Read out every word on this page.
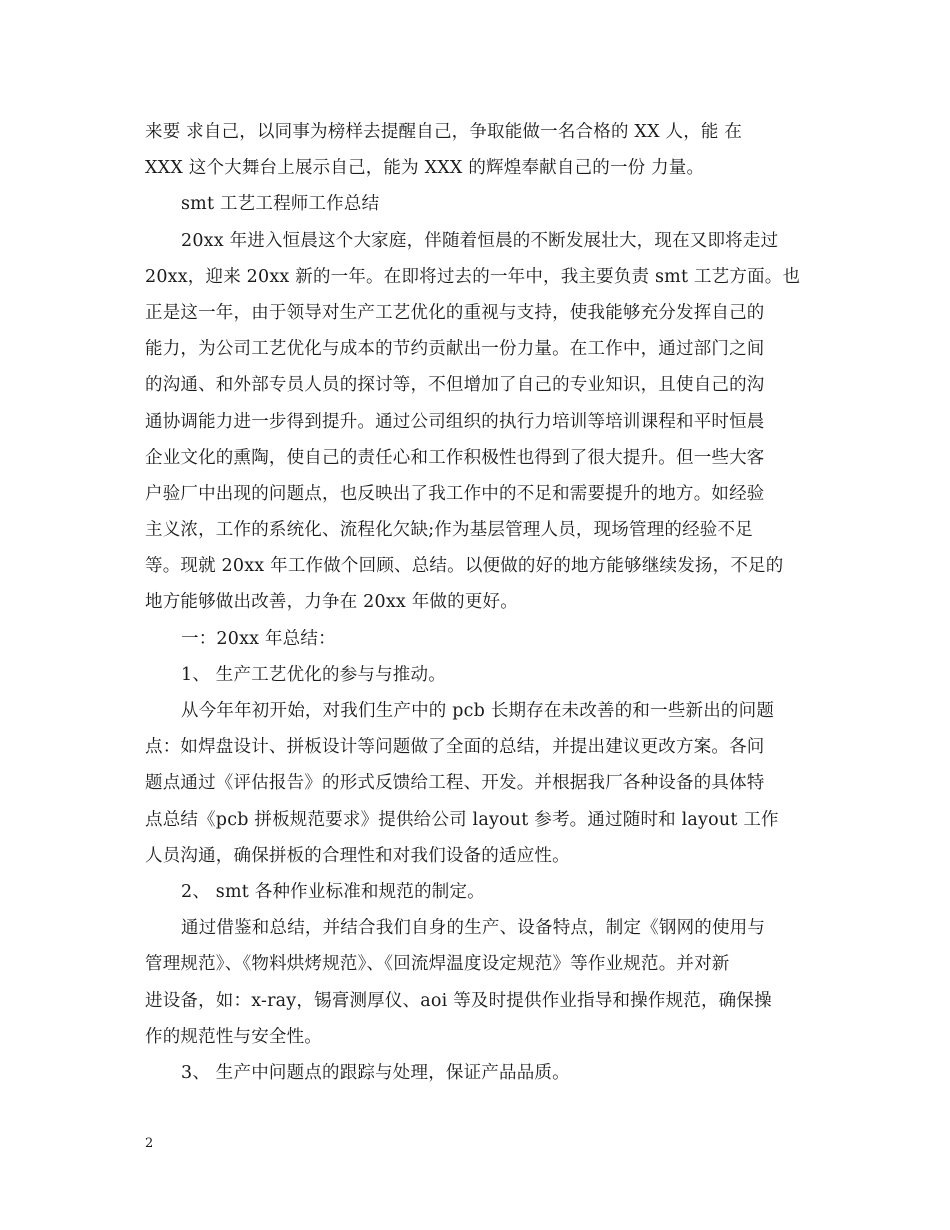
来要 求自己，以同事为榜样去提醒自己，争取能做一名合格的 XX 人，能 在
XXX 这个大舞台上展示自己，能为 XXX 的辉煌奉献自己的一份 力量。
smt 工艺工程师工作总结
20xx 年进入恒晨这个大家庭，伴随着恒晨的不断发展壮大，现在又即将走过
20xx，迎来 20xx 新的一年。在即将过去的一年中，我主要负责 smt 工艺方面。也
正是这一年，由于领导对生产工艺优化的重视与支持，使我能够充分发挥自己的
能力，为公司工艺优化与成本的节约贡献出一份力量。在工作中，通过部门之间
的沟通、和外部专员人员的探讨等，不但增加了自己的专业知识，且使自己的沟
通协调能力进一步得到提升。通过公司组织的执行力培训等培训课程和平时恒晨
企业文化的熏陶，使自己的责任心和工作积极性也得到了很大提升。但一些大客
户验厂中出现的问题点，也反映出了我工作中的不足和需要提升的地方。如经验
主义浓，工作的系统化、流程化欠缺;作为基层管理人员，现场管理的经验不足
等。现就 20xx 年工作做个回顾、总结。以便做的好的地方能够继续发扬，不足的
地方能够做出改善，力争在 20xx 年做的更好。
一：20xx 年总结：
1、 生产工艺优化的参与与推动。
从今年年初开始，对我们生产中的 pcb 长期存在未改善的和一些新出的问题
点：如焊盘设计、拼板设计等问题做了全面的总结，并提出建议更改方案。各问
题点通过《评估报告》的形式反馈给工程、开发。并根据我厂各种设备的具体特
点总结《pcb 拼板规范要求》提供给公司 layout 参考。通过随时和 layout 工作
人员沟通，确保拼板的合理性和对我们设备的适应性。
2、 smt 各种作业标准和规范的制定。
通过借鉴和总结，并结合我们自身的生产、设备特点，制定《钢网的使用与
管理规范》、《物料烘烤规范》、《回流焊温度设定规范》等作业规范。并对新
进设备，如：x-ray，锡膏测厚仪、aoi 等及时提供作业指导和操作规范，确保操
作的规范性与安全性。
3、 生产中问题点的跟踪与处理，保证产品品质。
2
